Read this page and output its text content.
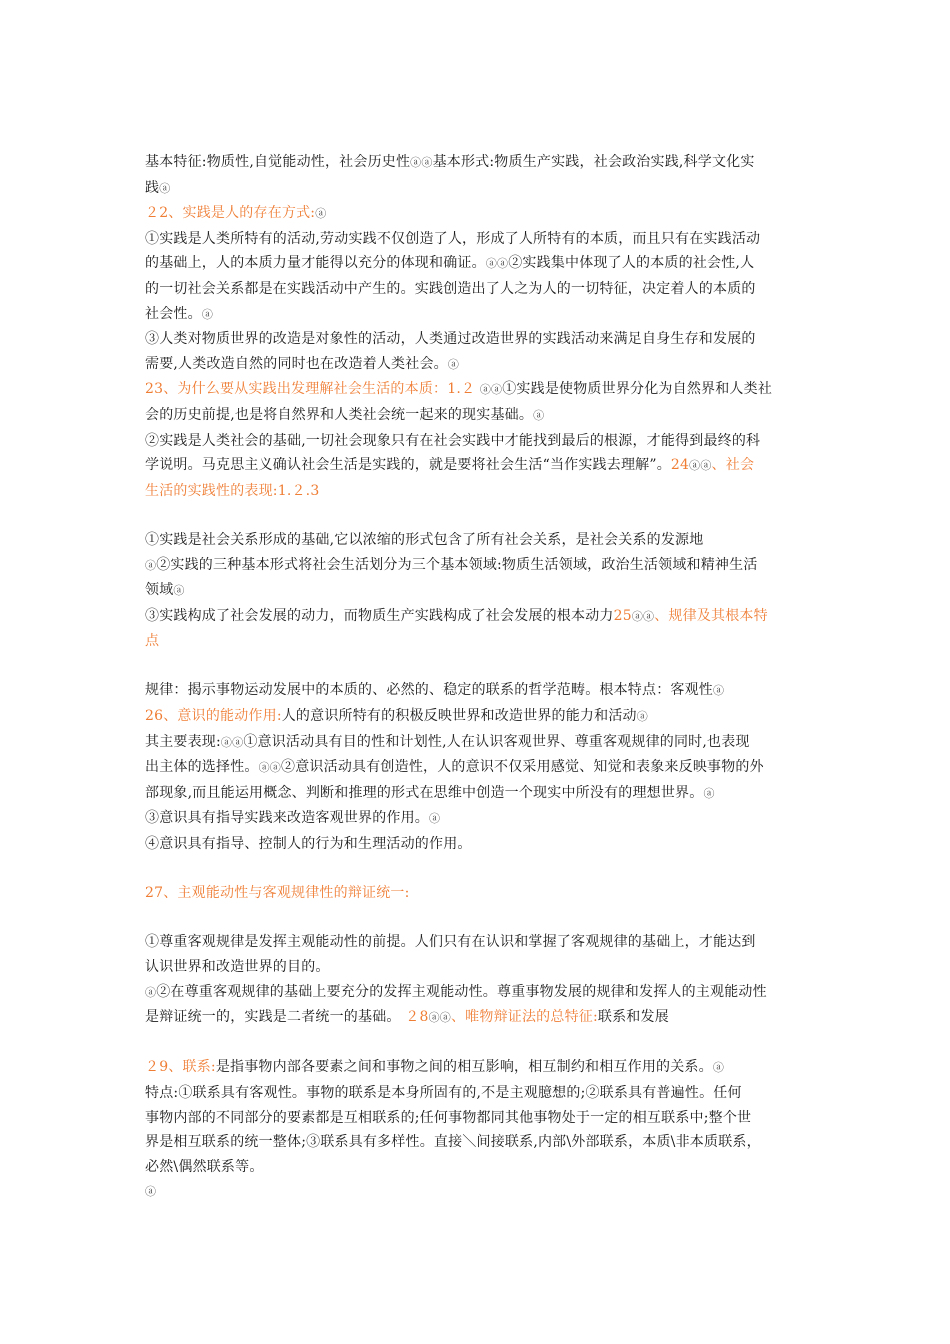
基本特征:物质性,自觉能动性，社会历史性ⓐⓐ基本形式:物质生产实践，社会政治实践,科学文化实
践ⓐ

２2、实践是人的存在方式:ⓐ

①实践是人类所特有的活动,劳动实践不仅创造了人，形成了人所特有的本质，而且只有在实践活动
的基础上，人的本质力量才能得以充分的体现和确证。ⓐⓐ②实践集中体现了人的本质的社会性,人
的一切社会关系都是在实践活动中产生的。实践创造出了人之为人的一切特征，决定着人的本质的
社会性。ⓐ

③人类对物质世界的改造是对象性的活动，人类通过改造世界的实践活动来满足自身生存和发展的
需要,人类改造自然的同时也在改造着人类社会。ⓐ

23、为什么要从实践出发理解社会生活的本质：1.２ ⓐⓐ①实践是使物质世界分化为自然界和人类社
会的历史前提,也是将自然界和人类社会统一起来的现实基础。ⓐ

②实践是人类社会的基础,一切社会现象只有在社会实践中才能找到最后的根源，才能得到最终的科
学说明。马克思主义确认社会生活是实践的，就是要将社会生活“当作实践去理解”。24ⓐⓐ、社会
生活的实践性的表现:1.２.3

①实践是社会关系形成的基础,它以浓缩的形式包含了所有社会关系，是社会关系的发源地
ⓐ②实践的三种基本形式将社会生活划分为三个基本领域:物质生活领域，政治生活领域和精神生活
领域ⓐ
③实践构成了社会发展的动力，而物质生产实践构成了社会发展的根本动力25ⓐⓐ、规律及其根本特
点

规律：揭示事物运动发展中的本质的、必然的、稳定的联系的哲学范畴。根本特点：客观性ⓐ

26、意识的能动作用:人的意识所特有的积极反映世界和改造世界的能力和活动ⓐ

其主要表现:ⓐⓐ①意识活动具有目的性和计划性,人在认识客观世界、尊重客观规律的同时,也表现
出主体的选择性。ⓐⓐ②意识活动具有创造性，人的意识不仅采用感觉、知觉和表象来反映事物的外
部现象,而且能运用概念、判断和推理的形式在思维中创造一个现实中所没有的理想世界。ⓐ
③意识具有指导实践来改造客观世界的作用。ⓐ
④意识具有指导、控制人的行为和生理活动的作用。

27、主观能动性与客观规律性的辩证统一:

①尊重客观规律是发挥主观能动性的前提。人们只有在认识和掌握了客观规律的基础上，才能达到
认识世界和改造世界的目的。
ⓐ②在尊重客观规律的基础上要充分的发挥主观能动性。尊重事物发展的规律和发挥人的主观能动性
是辩证统一的，实践是二者统一的基础。 ２8ⓐⓐ、唯物辩证法的总特征:联系和发展

２9、联系:是指事物内部各要素之间和事物之间的相互影响，相互制约和相互作用的关系。ⓐ

特点:①联系具有客观性。事物的联系是本身所固有的,不是主观臆想的;②联系具有普遍性。任何
事物内部的不同部分的要素都是互相联系的;任何事物都同其他事物处于一定的相互联系中;整个世
界是相互联系的统一整体;③联系具有多样性。直接＼间接联系,内部\外部联系，本质\非本质联系，
必然\偶然联系等。

ⓐ
